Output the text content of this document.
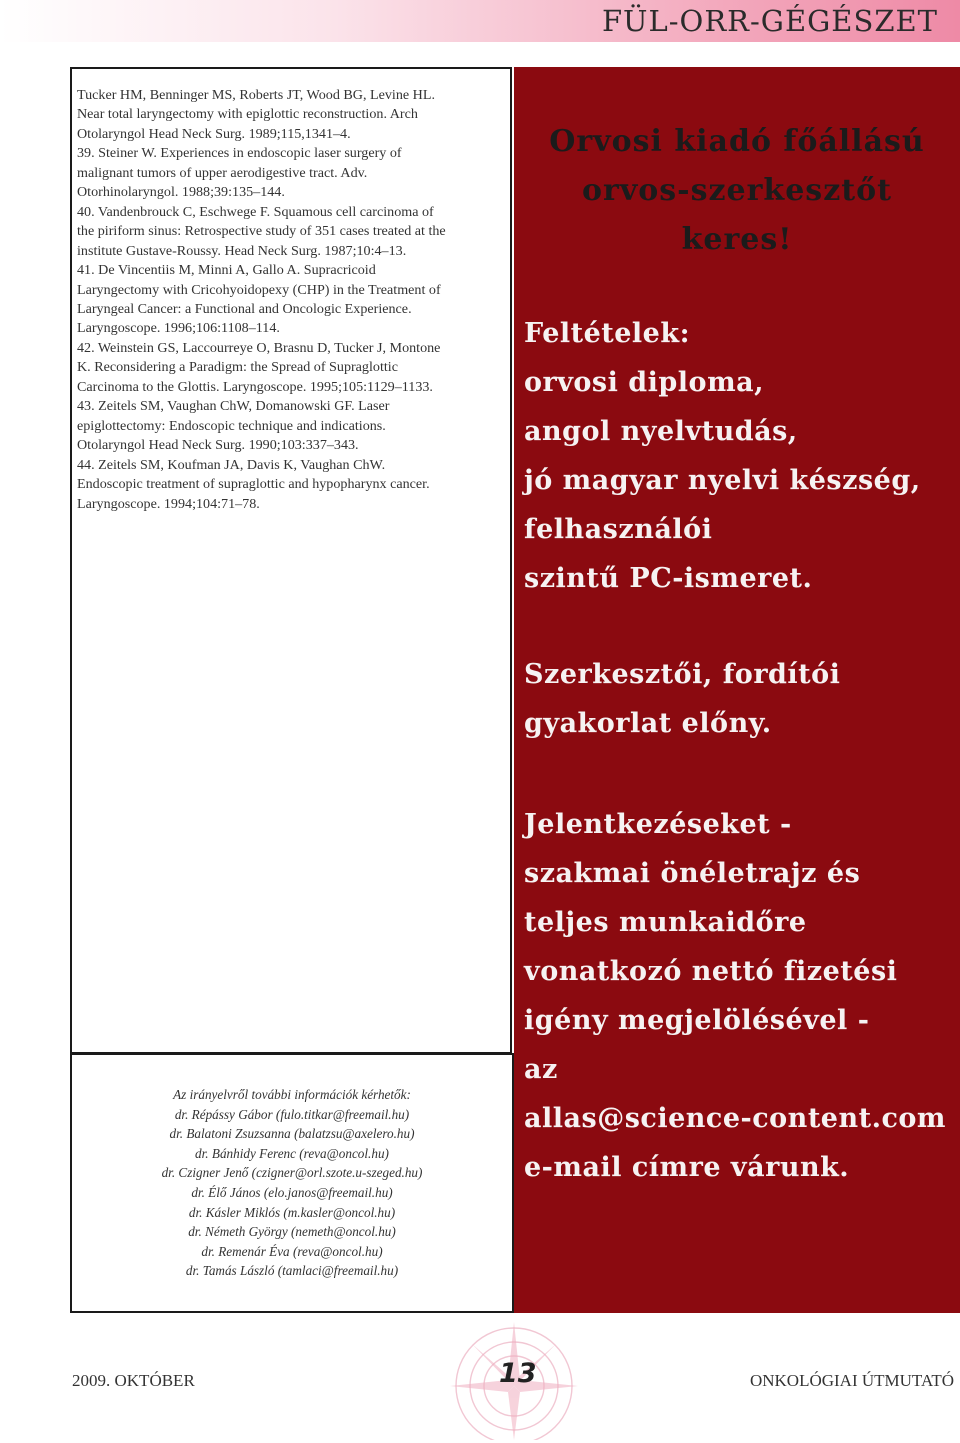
FÜL-ORR-GÉGÉSZET

Tucker HM, Benninger MS, Roberts JT, Wood BG, Levine HL.

Near total laryngectomy with epiglottic reconstruction. Arch

Otolaryngol Head Neck Surg. 1989;115,1341–4.

39. Steiner W. Experiences in endoscopic laser surgery of

malignant tumors of upper aerodigestive tract. Adv.

Otorhinolaryngol. 1988;39:135–144.

40. Vandenbrouck C, Eschwege F. Squamous cell carcinoma of

the piriform sinus: Retrospective study of 351 cases treated at the

institute Gustave-Roussy. Head Neck Surg. 1987;10:4–13.

41. De Vincentiis M, Minni A, Gallo A. Supracricoid

Laryngectomy with Cricohyoidopexy (CHP) in the Treatment of

Laryngeal Cancer: a Functional and Oncologic Experience.

Laryngoscope. 1996;106:1108–114.

42. Weinstein GS, Laccourreye O, Brasnu D, Tucker J, Montone

K. Reconsidering a Paradigm: the Spread of Supraglottic

Carcinoma to the Glottis. Laryngoscope. 1995;105:1129–1133.

43. Zeitels SM, Vaughan ChW, Domanowski GF. Laser

epiglottectomy: Endoscopic technique and indications.

Otolaryngol Head Neck Surg. 1990;103:337–343.

44. Zeitels SM, Koufman JA, Davis K, Vaughan ChW.

Endoscopic treatment of supraglottic and hypopharynx cancer.

Laryngoscope. 1994;104:71–78.

Az irányelvről további információk kérhetők:

dr. Répássy Gábor (fulo.titkar@freemail.hu)

dr. Balatoni Zsuzsanna (balatzsu@axelero.hu)

dr. Bánhidy Ferenc (reva@oncol.hu)

dr. Czigner Jenő (czigner@orl.szote.u-szeged.hu)

dr. Élő János (elo.janos@freemail.hu)

dr. Kásler Miklós (m.kasler@oncol.hu)

dr. Németh György (nemeth@oncol.hu)

dr. Remenár Éva (reva@oncol.hu)

dr. Tamás László (tamlaci@freemail.hu)

Orvosi kiadó főállású
orvos-szerkesztőt
keres!

Feltételek:

orvosi diploma,

angol nyelvtudás,

jó magyar nyelvi készség,

felhasználói

szintű PC-ismeret.

Szerkesztői, fordítói

gyakorlat előny.

Jelentkezéseket -

szakmai önéletrajz és

teljes munkaidőre

vonatkozó nettó fizetési

igény megjelölésével -

az

allas@science-content.com

e-mail címre várunk.

2009. OKTÓBER	13	ONKOLÓGIAI ÚTMUTATÓ
